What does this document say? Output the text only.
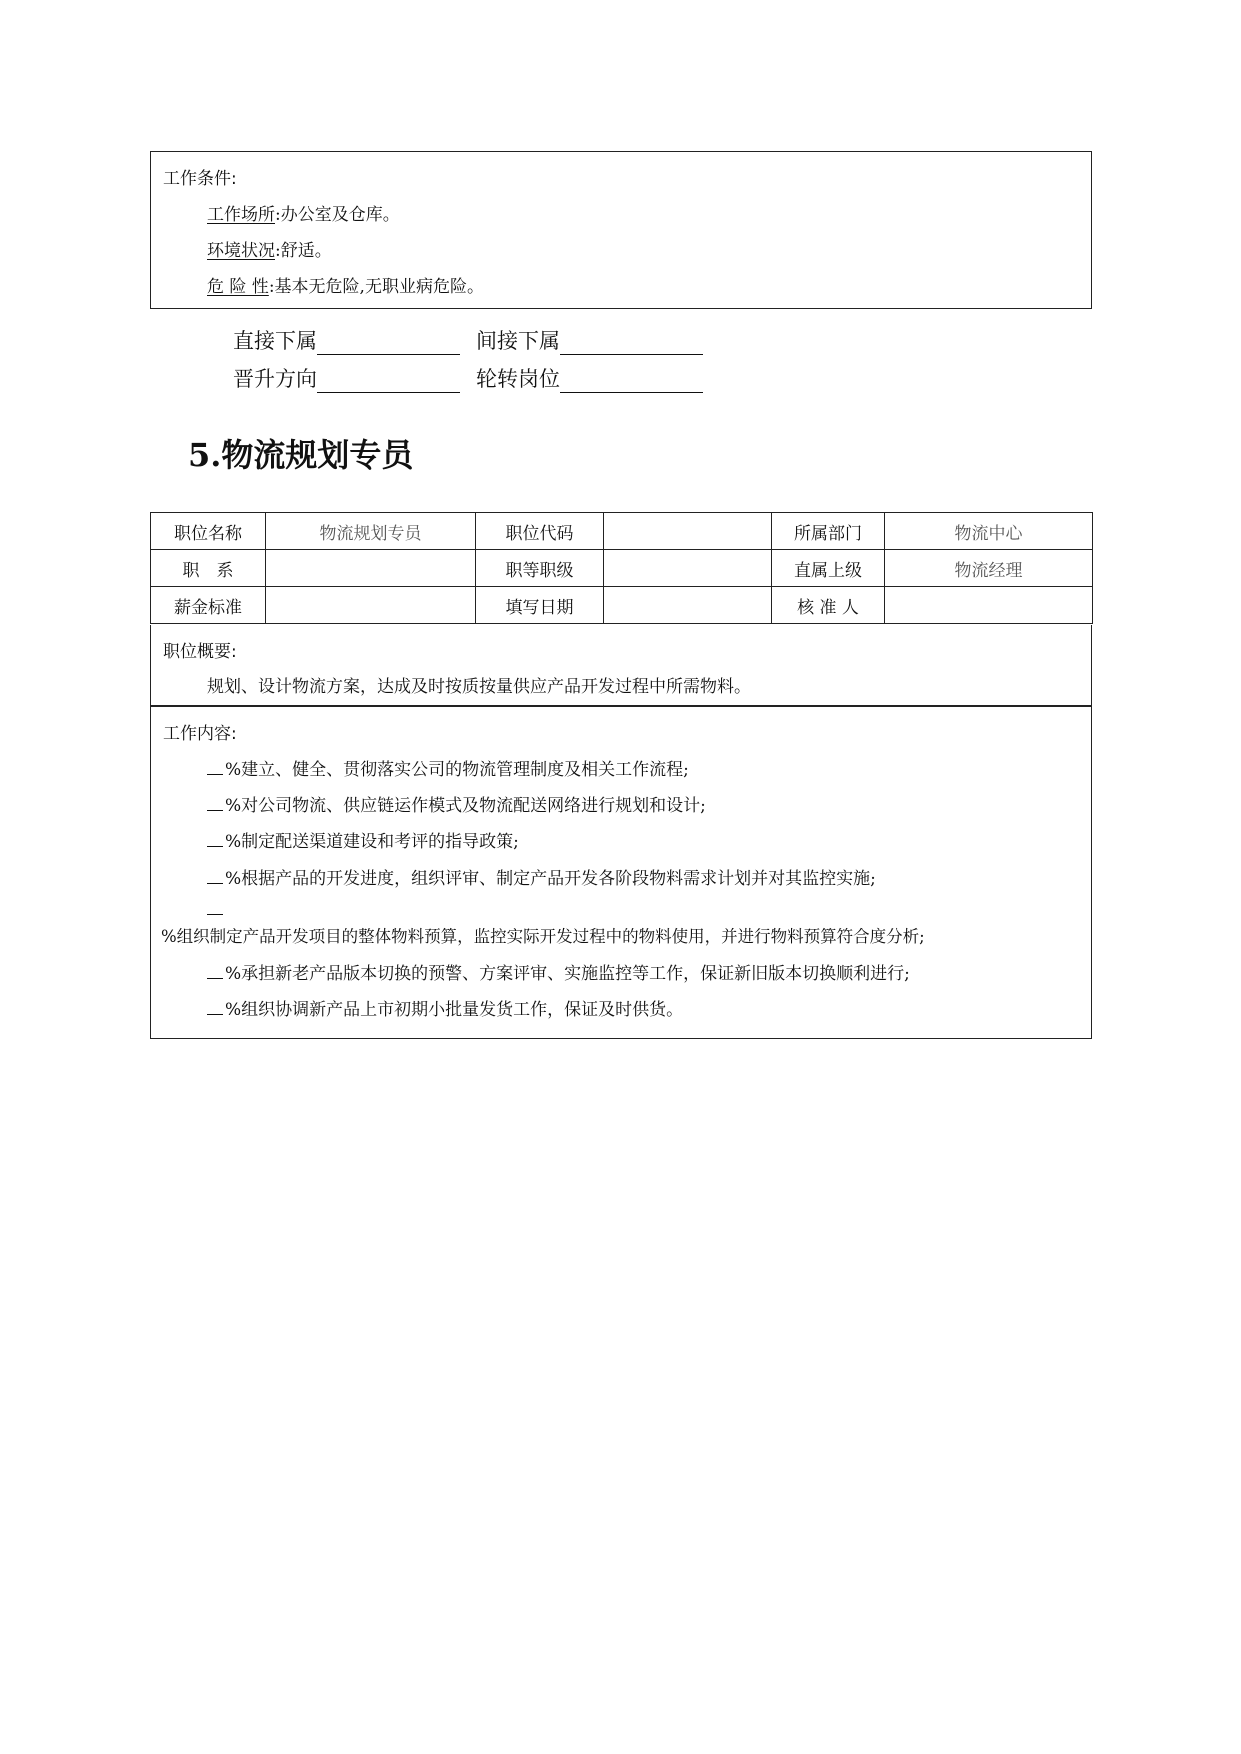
工作条件:
工作场所:办公室及仓库。
环境状况:舒适。
危 险 性:基本无危险,无职业病危险。
直接下属	间接下属
晋升方向	轮转岗位
5.物流规划专员
职位名称	物流规划专员	职位代码		所属部门	物流中心
职　系		职等职级		直属上级	物流经理
薪金标准		填写日期		核 准 人	
职位概要:
规划、设计物流方案，达成及时按质按量供应产品开发过程中所需物料。
工作内容:
%建立、健全、贯彻落实公司的物流管理制度及相关工作流程;
%对公司物流、供应链运作模式及物流配送网络进行规划和设计;
%制定配送渠道建设和考评的指导政策;
%根据产品的开发进度，组织评审、制定产品开发各阶段物料需求计划并对其监控实施;
%组织制定产品开发项目的整体物料预算，监控实际开发过程中的物料使用，并进行物料预算符合度分析;
%承担新老产品版本切换的预警、方案评审、实施监控等工作，保证新旧版本切换顺利进行;
%组织协调新产品上市初期小批量发货工作，保证及时供货。
